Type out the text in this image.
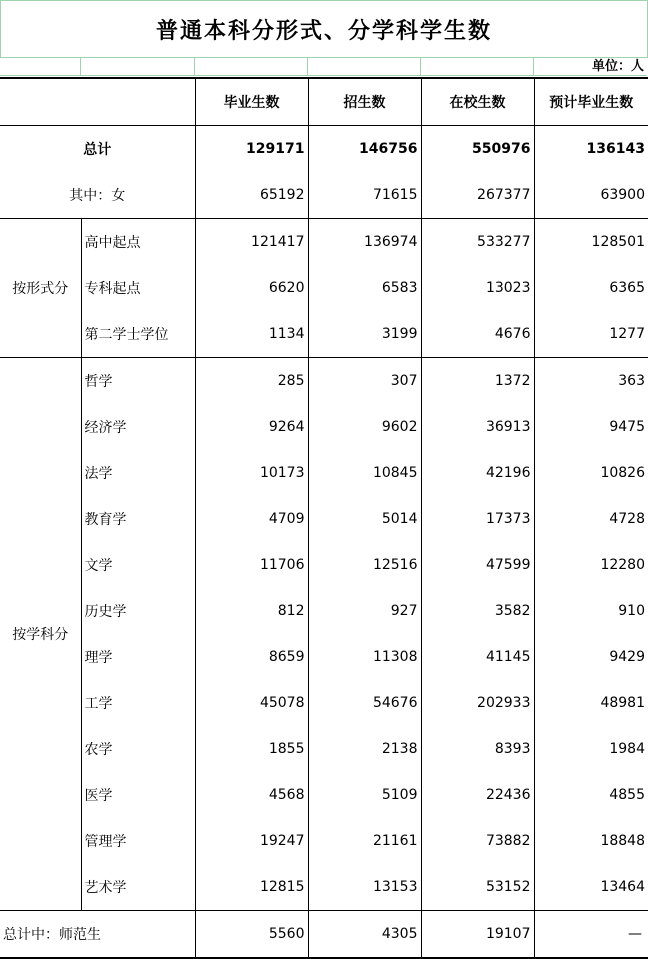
普通本科分形式、分学科学生数
单位：人
		毕业生数	招生数	在校生数	预计毕业生数
总计		129171	146756	550976	136143
其中：女		65192	71615	267377	63900
按形式分	高中起点	121417	136974	533277	128501
	专科起点	6620	6583	13023	6365
	第二学士学位	1134	3199	4676	1277
按学科分	哲学	285	307	1372	363
	经济学	9264	9602	36913	9475
	法学	10173	10845	42196	10826
	教育学	4709	5014	17373	4728
	文学	11706	12516	47599	12280
	历史学	812	927	3582	910
	理学	8659	11308	41145	9429
	工学	45078	54676	202933	48981
	农学	1855	2138	8393	1984
	医学	4568	5109	22436	4855
	管理学	19247	21161	73882	18848
	艺术学	12815	13153	53152	13464
总计中：师范生		5560	4305	19107	—
